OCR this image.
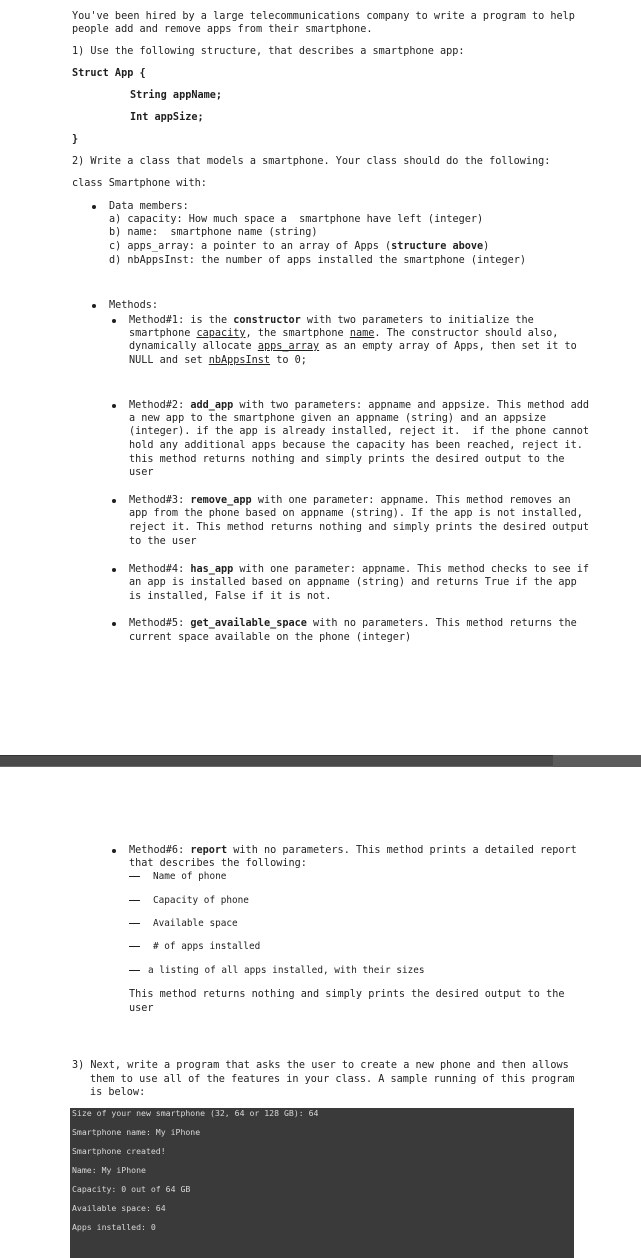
You've been hired by a large telecommunications company to write a program to help
people add and remove apps from their smartphone.
1) Use the following structure, that describes a smartphone app:
Struct App {
String appName;
Int appSize;
}
2) Write a class that models a smartphone. Your class should do the following:
class Smartphone with:
Data members:
a) capacity: How much space a  smartphone have left (integer)
b) name:  smartphone name (string)
c) apps_array: a pointer to an array of Apps (structure above)
d) nbAppsInst: the number of apps installed the smartphone (integer)
Methods:
Method#1: is the constructor with two parameters to initialize the
smartphone capacity, the smartphone name. The constructor should also,
dynamically allocate apps_array as an empty array of Apps, then set it to
NULL and set nbAppsInst to 0;
Method#2: add_app with two parameters: appname and appsize. This method add
a new app to the smartphone given an appname (string) and an appsize
(integer). if the app is already installed, reject it.  if the phone cannot
hold any additional apps because the capacity has been reached, reject it.
this method returns nothing and simply prints the desired output to the
user
Method#3: remove_app with one parameter: appname. This method removes an
app from the phone based on appname (string). If the app is not installed,
reject it. This method returns nothing and simply prints the desired output
to the user
Method#4: has_app with one parameter: appname. This method checks to see if
an app is installed based on appname (string) and returns True if the app
is installed, False if it is not.
Method#5: get_available_space with no parameters. This method returns the
current space available on the phone (integer)
Method#6: report with no parameters. This method prints a detailed report
that describes the following:
Name of phone
Capacity of phone
Available space
# of apps installed
a listing of all apps installed, with their sizes
This method returns nothing and simply prints the desired output to the
user
3) Next, write a program that asks the user to create a new phone and then allows
them to use all of the features in your class. A sample running of this program
is below:
Size of your new smartphone (32, 64 or 128 GB): 64
Smartphone name: My iPhone
Smartphone created!
Name: My iPhone
Capacity: 0 out of 64 GB
Available space: 64
Apps installed: 0
